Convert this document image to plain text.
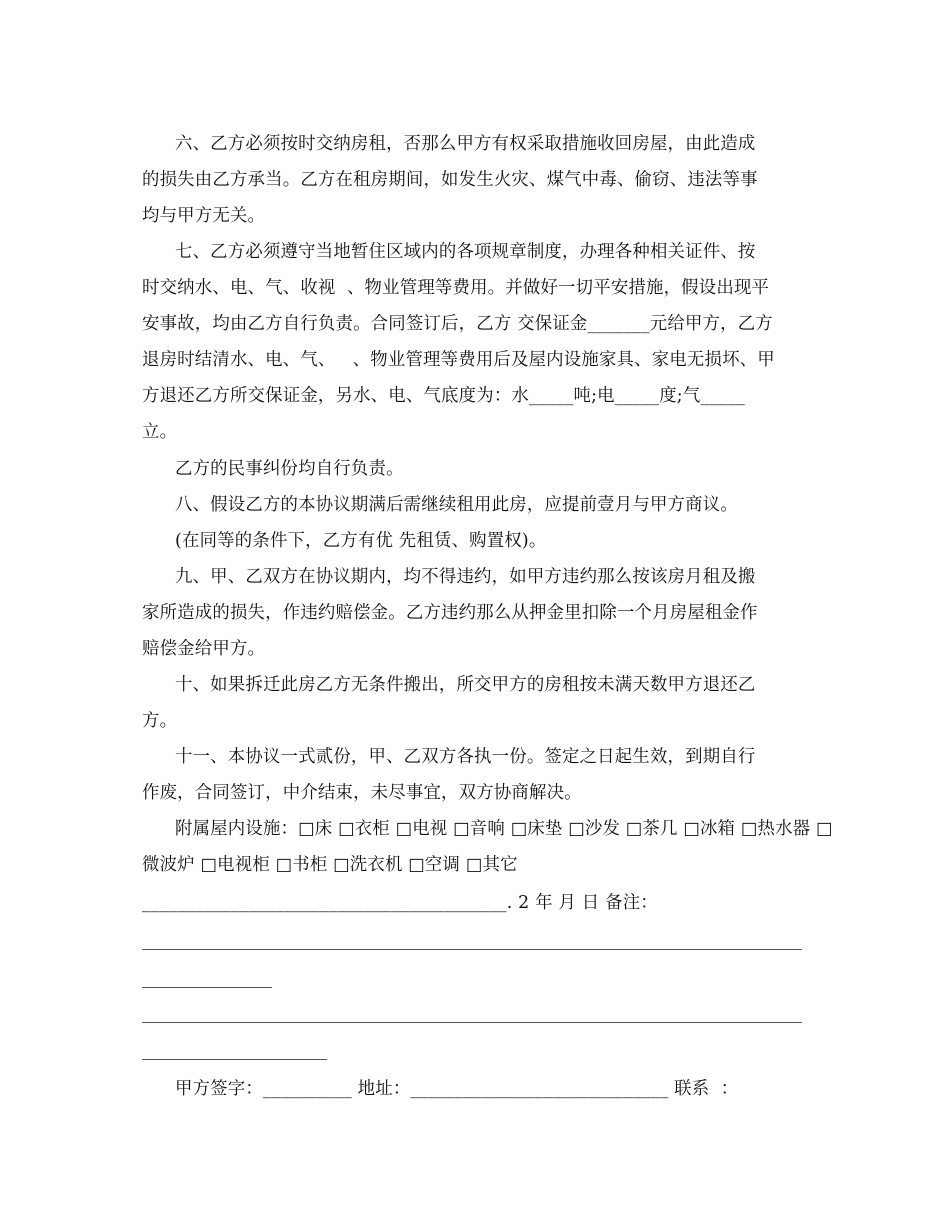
六、乙方必须按时交纳房租，否那么甲方有权采取措施收回房屋，由此造成
的损失由乙方承当。乙方在租房期间，如发生火灾、煤气中毒、偷窃、违法等事
均与甲方无关。
七、乙方必须遵守当地暂住区域内的各项规章制度，办理各种相关证件、按
时交纳水、电、气、收视  、物业管理等费用。并做好一切平安措施，假设出现平
安事故，均由乙方自行负责。合同签订后，乙方 交保证金_______元给甲方，乙方
退房时结清水、电、气、   、物业管理等费用后及屋内设施家具、家电无损坏、甲
方退还乙方所交保证金，另水、电、气底度为：水_____吨;电_____度;气_____
立。
乙方的民事纠份均自行负责。
八、假设乙方的本协议期满后需继续租用此房，应提前壹月与甲方商议。
(在同等的条件下，乙方有优 先租赁、购置权)。
九、甲、乙双方在协议期内，均不得违约，如甲方违约那么按该房月租及搬
家所造成的损失，作违约赔偿金。乙方违约那么从押金里扣除一个月房屋租金作
赔偿金给甲方。
十、如果拆迁此房乙方无条件搬出，所交甲方的房租按未满天数甲方退还乙
方。
十一、本协议一式贰份，甲、乙双方各执一份。签定之日起生效，到期自行
作废，合同签订，中介结束，未尽事宜，双方协商解决。
附属屋内设施：□床 □衣柜 □电视 □音响 □床垫 □沙发 □茶几 □冰箱 □热水器 □
微波炉 □电视柜 □书柜 □洗衣机 □空调 □其它
_________________________________________. 2 年 月 日 备注：
甲方签字：__________ 地址：_____________________________ 联系  ：
